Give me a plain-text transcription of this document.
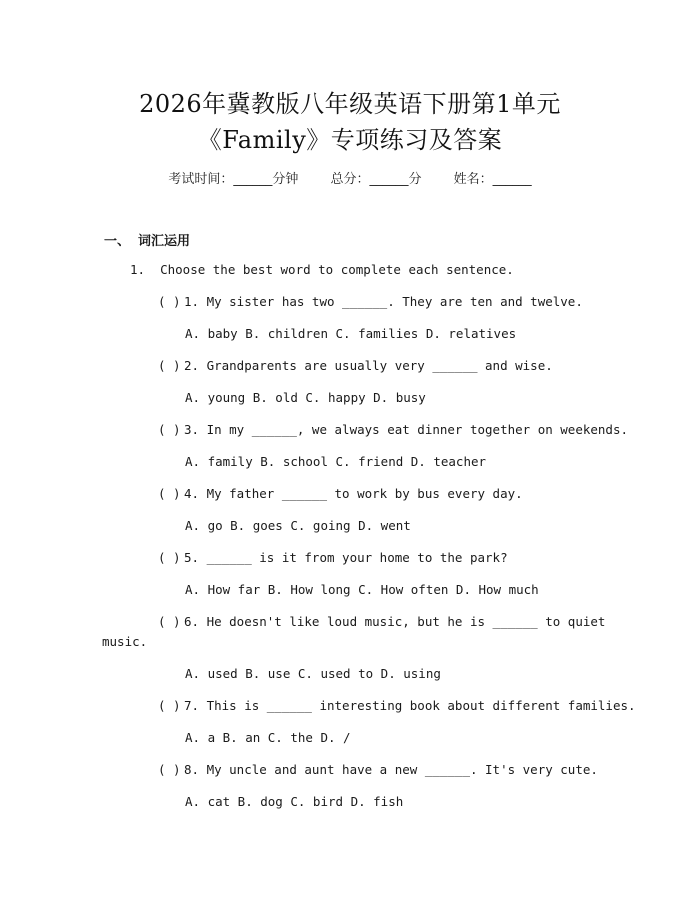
2026年冀教版八年级英语下册第1单元
《Family》专项练习及答案
考试时间：______分钟 总分：______分 姓名：______
一、 词汇运用
1.  Choose the best word to complete each sentence.
( ) 1. My sister has two ______. They are ten and twelve.
A. baby B. children C. families D. relatives
( ) 2. Grandparents are usually very ______ and wise.
A. young B. old C. happy D. busy
( ) 3. In my ______, we always eat dinner together on weekends.
A. family B. school C. friend D. teacher
( ) 4. My father ______ to work by bus every day.
A. go B. goes C. going D. went
( ) 5. ______ is it from your home to the park?
A. How far B. How long C. How often D. How much
( ) 6. He doesn't like loud music, but he is ______ to quiet
music.
A. used B. use C. used to D. using
( ) 7. This is ______ interesting book about different families.
A. a B. an C. the D. /
( ) 8. My uncle and aunt have a new ______. It's very cute.
A. cat B. dog C. bird D. fish
